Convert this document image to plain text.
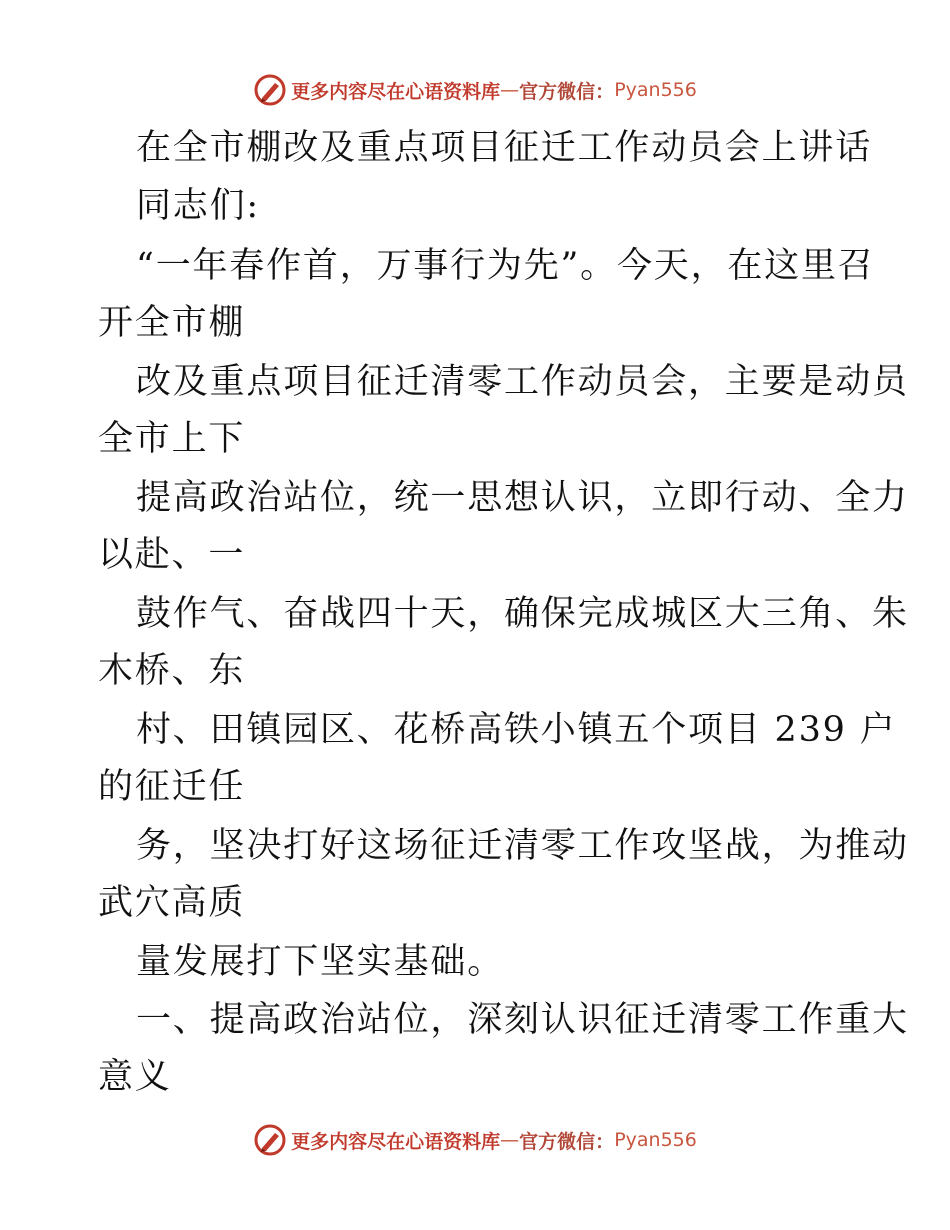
更多内容尽在心语资料库 — 官方微信： Pyan556
在全市棚改及重点项目征迁工作动员会上讲话
同志们:
“一年春作首，万事行为先”。今天，在这里召
开全市棚
改及重点项目征迁清零工作动员会，主要是动员
全市上下
提高政治站位，统一思想认识，立即行动、全力
以赴、一
鼓作气、奋战四十天，确保完成城区大三角、朱
木桥、东
村、田镇园区、花桥高铁小镇五个项目 239 户
的征迁任
务，坚决打好这场征迁清零工作攻坚战，为推动
武穴高质
量发展打下坚实基础。
一、提高政治站位，深刻认识征迁清零工作重大
意义
更多内容尽在心语资料库 — 官方微信： Pyan556
